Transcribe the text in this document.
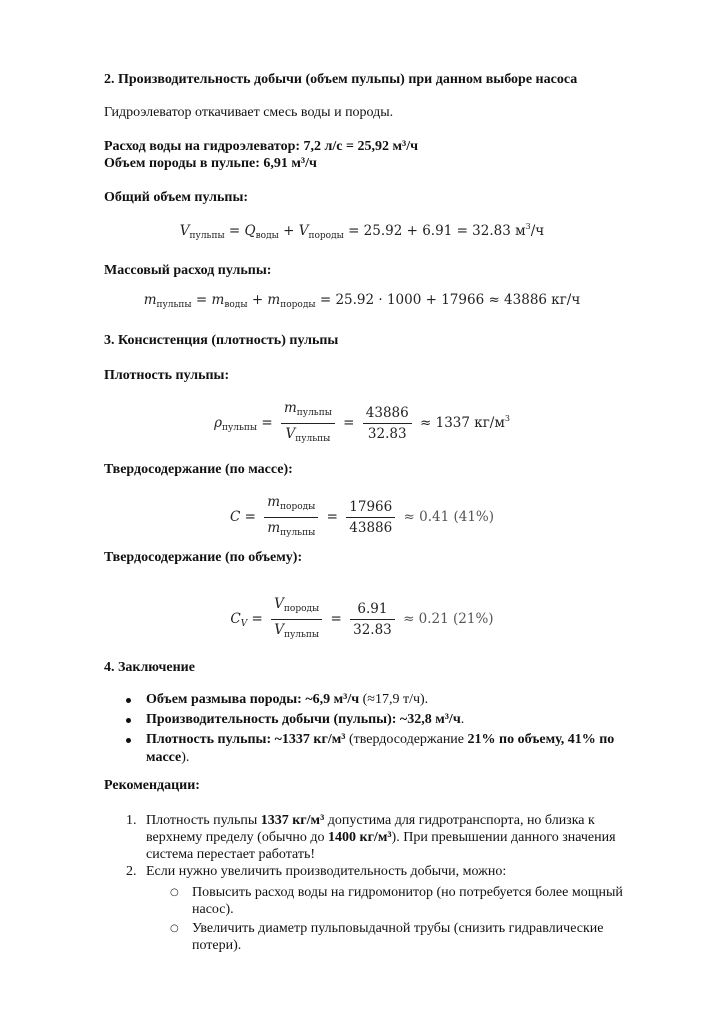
2. Производительность добычи (объем пульпы) при данном выборе насоса
Гидроэлеватор откачивает смесь воды и породы.
Расход воды на гидроэлеватор: 7,2 л/с = 25,92 м³/ч
Объем породы в пульпе: 6,91 м³/ч
Общий объем пульпы:
$V_{пульпы} = Q_{воды} + V_{породы} = 25.92 + 6.91 = 32.83$ $м^3/ч$
Массовый расход пульпы:
$m_{пульпы} = m_{воды} + m_{породы} = 25.92 \cdot 1000 + 17966 \approx 43886$ кг/ч
3. Консистенция (плотность) пульпы
Плотность пульпы:
$\rho_{пульпы} = \frac{m_{пульпы}}{V_{пульпы}} = \frac{43886}{32.83} \approx 1337$ $кг/м^3$
Твердосодержание (по массе):
$C = \frac{m_{породы}}{m_{пульпы}} = \frac{17966}{43886} \approx 0.41$ (41%)
Твердосодержание (по объему):
$C_V = \frac{V_{породы}}{V_{пульпы}} = \frac{6.91}{32.83} \approx 0.21$ (21%)
4. Заключение
Объем размыва породы: ~6,9 м³/ч (≈17,9 т/ч).
Производительность добычи (пульпы): ~32,8 м³/ч.
Плотность пульпы: ~1337 кг/м³ (твердосодержание 21% по объему, 41% по массе).
Рекомендации:
1. Плотность пульпы 1337 кг/м³ допустима для гидротранспорта, но близка к верхнему пределу (обычно до 1400 кг/м³). При превышении данного значения система перестает работать!
2. Если нужно увеличить производительность добычи, можно:
○ Повысить расход воды на гидромонитор (но потребуется более мощный насос).
○ Увеличить диаметр пульповыдачной трубы (снизить гидравлические потери).
